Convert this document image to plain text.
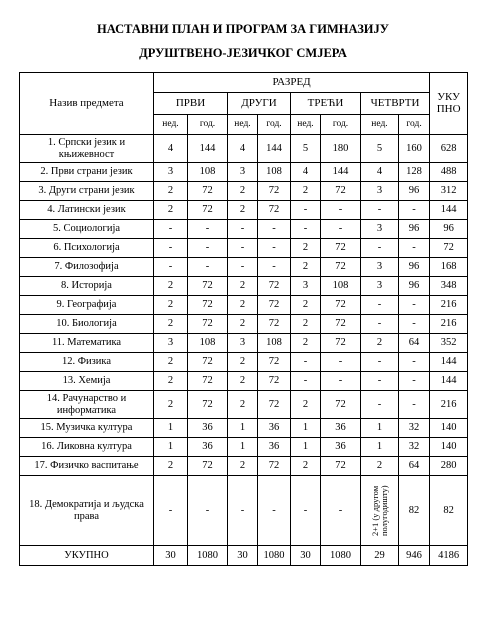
НАСТАВНИ ПЛАН И ПРОГРАМ ЗА ГИМНАЗИЈУ
ДРУШТВЕНО-ЈЕЗИЧКОГ СМЈЕРА
Назив предмета	РАЗРЕД								УКУ ПНО
	ПРВИ		ДРУГИ		ТРЕЋИ		ЧЕТВРТИ		
	нед.	год.	нед.	год.	нед.	год.	нед.	год.	
1. Српски језик и књижевност	4	144	4	144	5	180	5	160	628
2. Први страни језик	3	108	3	108	4	144	4	128	488
3. Други страни језик	2	72	2	72	2	72	3	96	312
4. Латински језик	2	72	2	72	-	-	-	-	144
5. Социологија	-	-	-	-	-	-	3	96	96
6. Психологија	-	-	-	-	2	72	-	-	72
7. Филозофија	-	-	-	-	2	72	3	96	168
8. Историја	2	72	2	72	3	108	3	96	348
9. Географија	2	72	2	72	2	72	-	-	216
10. Биологија	2	72	2	72	2	72	-	-	216
11. Математика	3	108	3	108	2	72	2	64	352
12. Физика	2	72	2	72	-	-	-	-	144
13. Хемија	2	72	2	72	-	-	-	-	144
14. Рачунарство и информатика	2	72	2	72	2	72	-	-	216
15. Музичка култура	1	36	1	36	1	36	1	32	140
16. Ликовна култура	1	36	1	36	1	36	1	32	140
17. Физичко васпитање	2	72	2	72	2	72	2	64	280
18. Демократија и људска права	-	-	-	-	-	-	2+1 (у другом полугодишту)	82	82
УКУПНО	30	1080	30	1080	30	1080	29	946	4186
